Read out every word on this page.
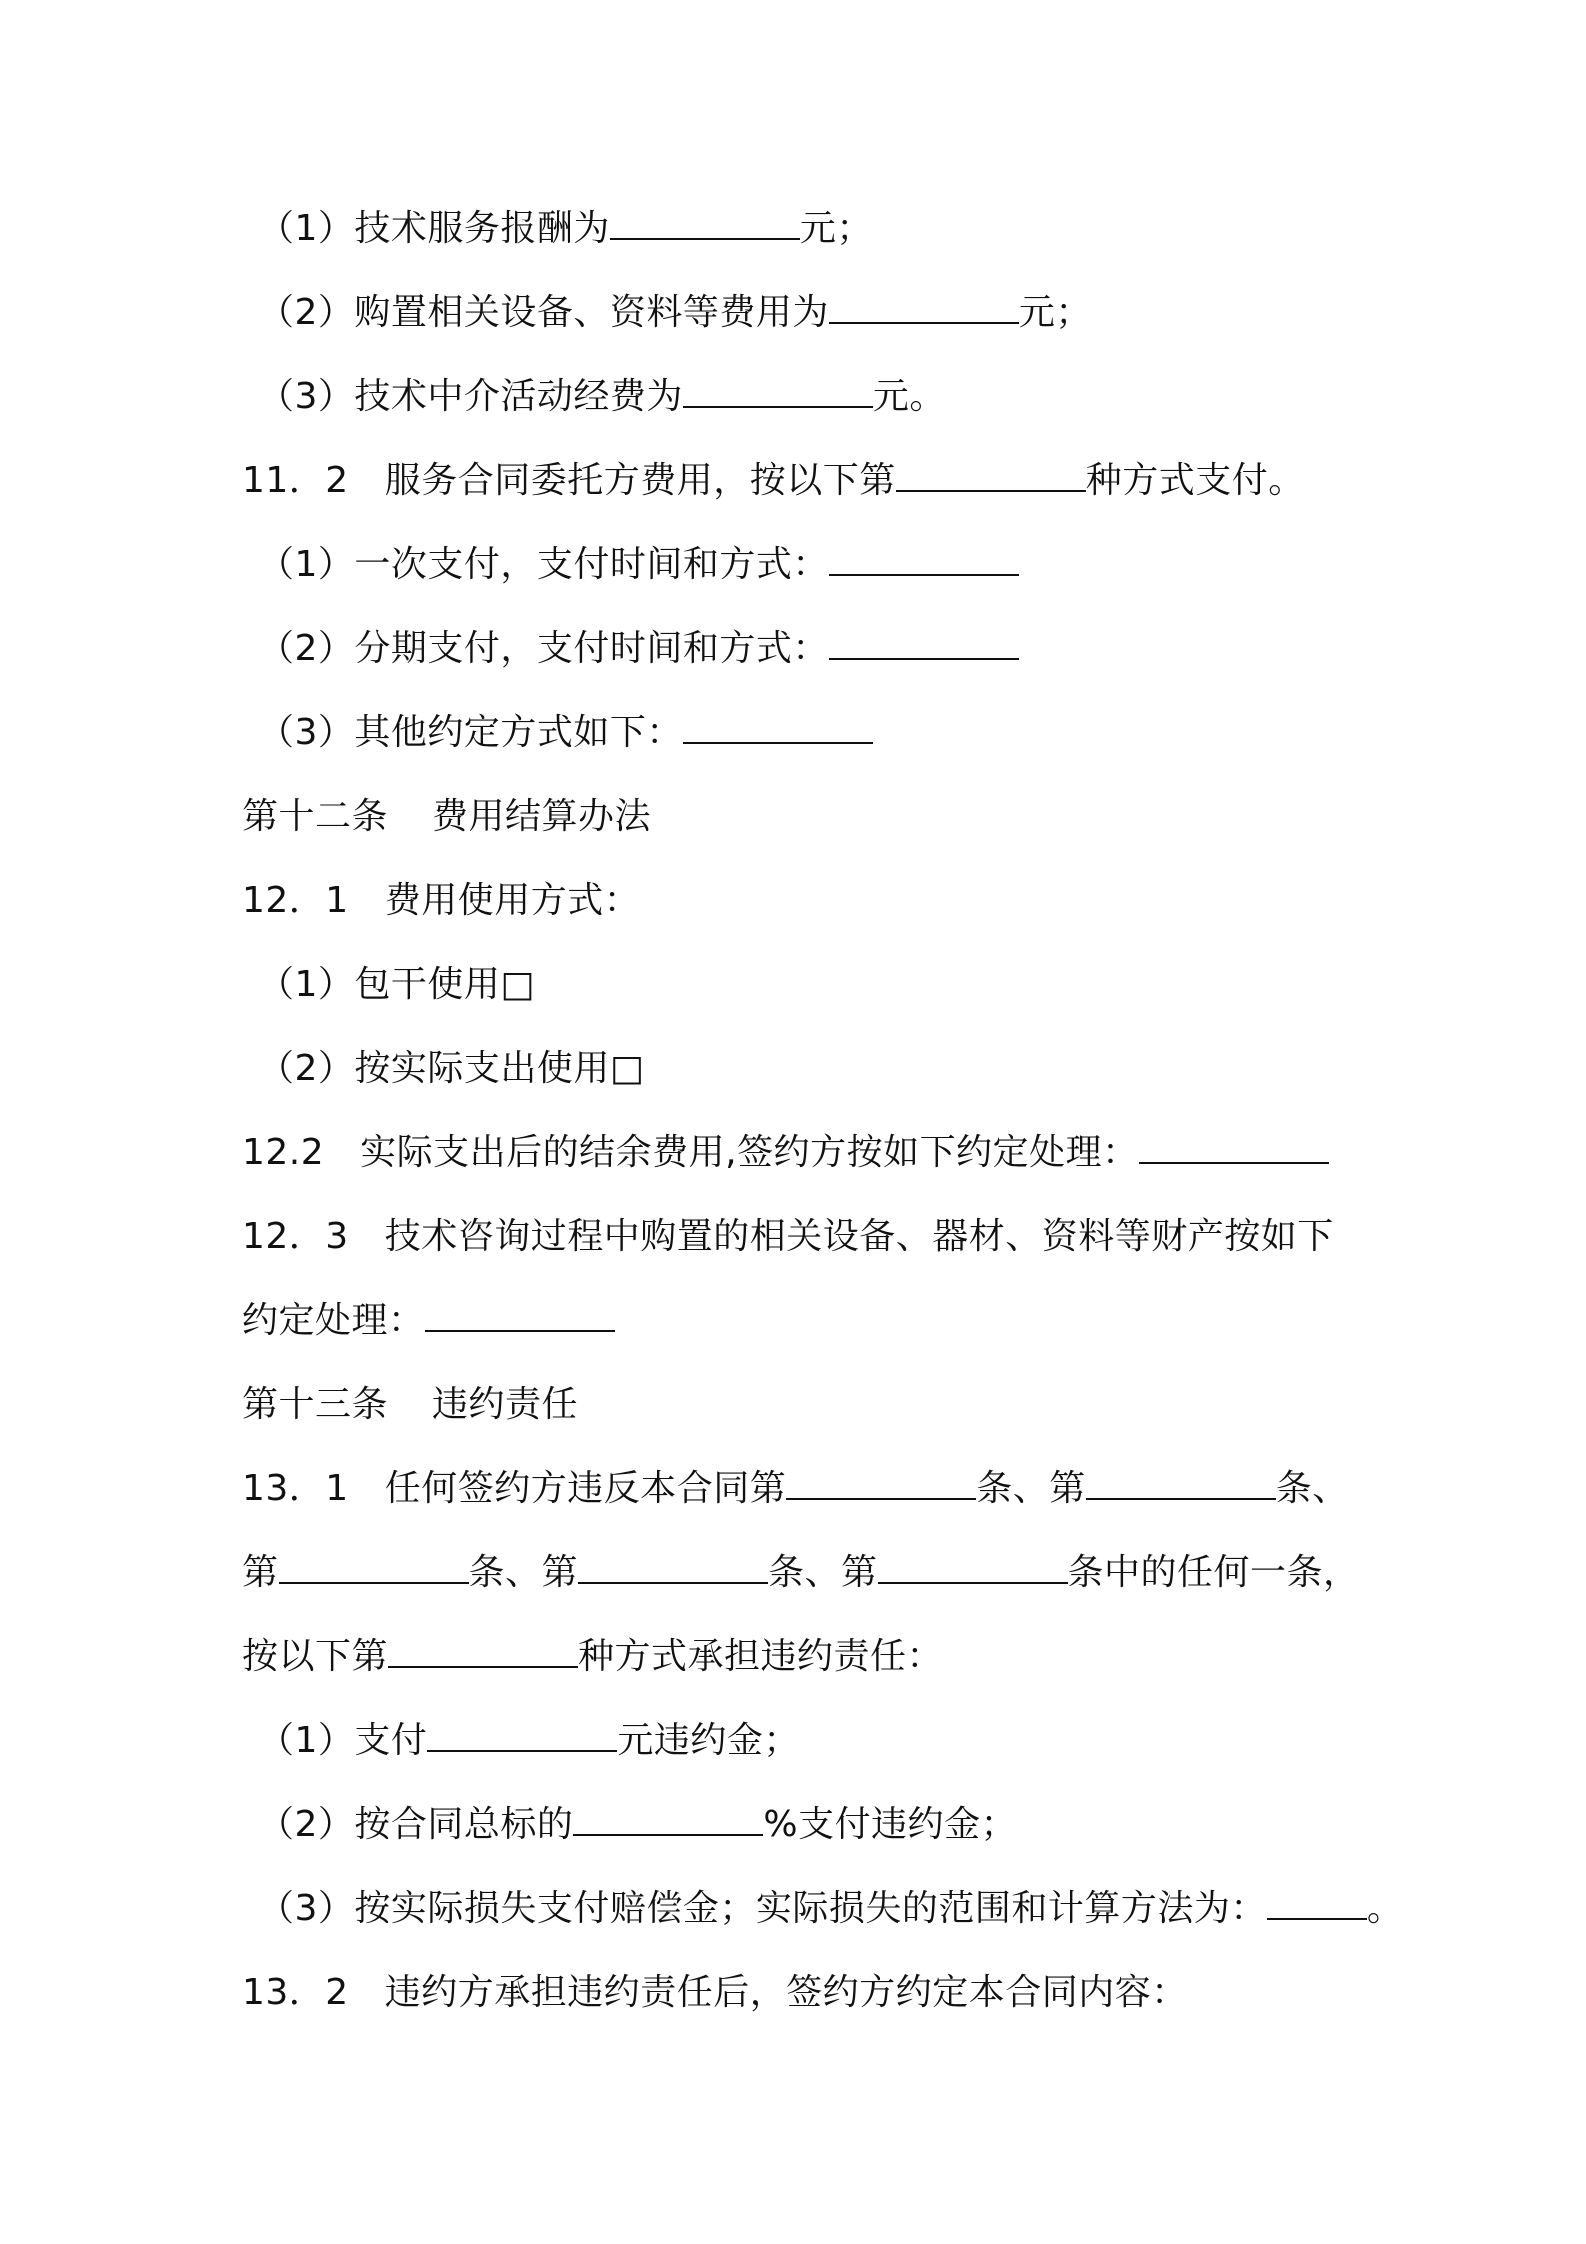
（1）技术服务报酬为	元；
（2）购置相关设备、资料等费用为	元；
（3）技术中介活动经费为	元。
11．2 服务合同委托方费用，按以下第	种方式支付。
（1）一次支付，支付时间和方式：
（2）分期支付，支付时间和方式：
（3）其他约定方式如下：
第十二条 费用结算办法
12．1 费用使用方式：
（1）包干使用□
（2）按实际支出使用□
12.2 实际支出后的结余费用,签约方按如下约定处理：
12．3 技术咨询过程中购置的相关设备、器材、资料等财产按如下
约定处理：
第十三条 违约责任
13．1 任何签约方违反本合同第	条、第	条、
第	条、第	条、第	条中的任何一条，
按以下第	种方式承担违约责任：
（1）支付	元违约金；
（2）按合同总标的	%支付违约金；
（3）按实际损失支付赔偿金；实际损失的范围和计算方法为：	。
13．2 违约方承担违约责任后，签约方约定本合同内容：
